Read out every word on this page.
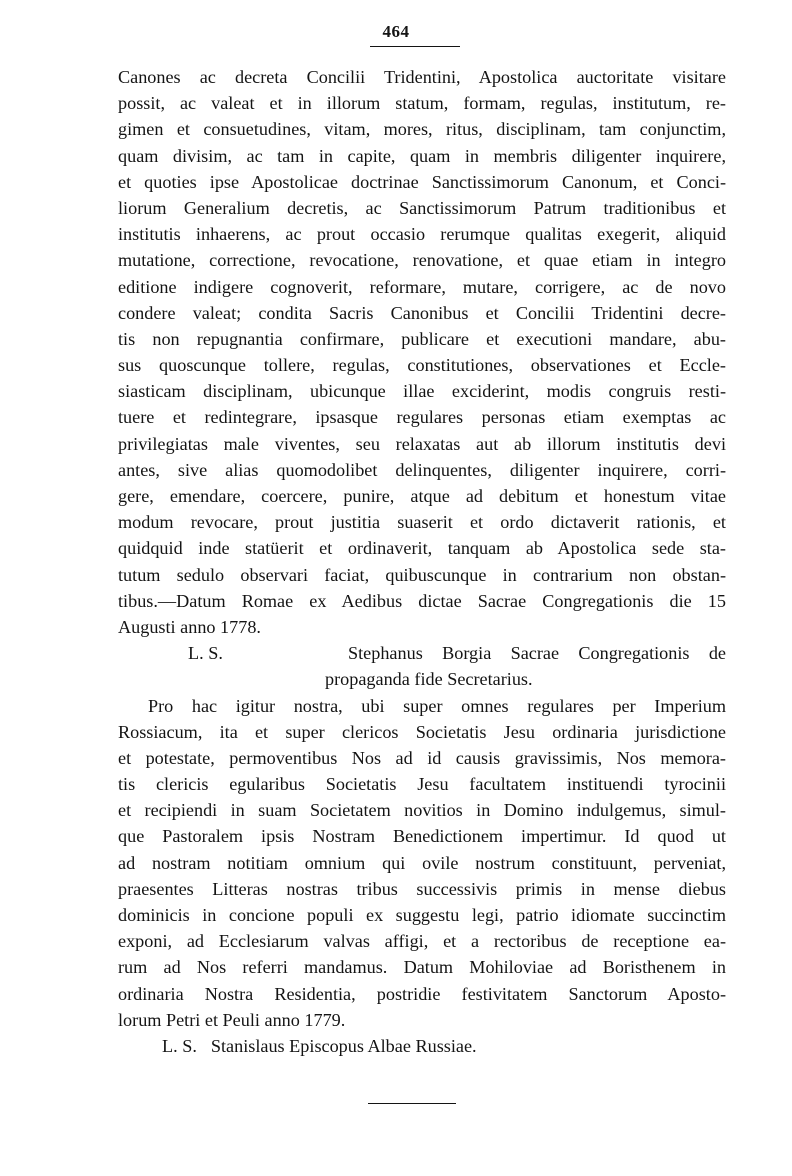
464
Canones ac decreta Concilii Tridentini, Apostolica auctoritate visitare
possit, ac valeat et in illorum statum, formam, regulas, institutum, re-
gimen et consuetudines, vitam, mores, ritus, disciplinam, tam conjunctim,
quam divisim, ac tam in capite, quam in membris diligenter inquirere,
et quoties ipse Apostolicae doctrinae Sanctissimorum Canonum, et Conci-
liorum Generalium decretis, ac Sanctissimorum Patrum traditionibus et
institutis inhaerens, ac prout occasio rerumque qualitas exegerit, aliquid
mutatione, correctione, revocatione, renovatione, et quae etiam in integro
editione indigere cognoverit, reformare, mutare, corrigere, ac de novo
condere valeat; condita Sacris Canonibus et Concilii Tridentini decre-
tis non repugnantia confirmare, publicare et executioni mandare, abu-
sus quoscunque tollere, regulas, constitutiones, observationes et Eccle-
siasticam disciplinam, ubicunque illae exciderint, modis congruis resti-
tuere et redintegrare, ipsasque regulares personas etiam exemptas ac
privilegiatas male viventes, seu relaxatas aut ab illorum institutis devi
antes, sive alias quomodolibet delinquentes, diligenter inquirere, corri-
gere, emendare, coercere, punire, atque ad debitum et honestum vitae
modum revocare, prout justitia suaserit et ordo dictaverit rationis, et
quidquid inde statüerit et ordinaverit, tanquam ab Apostolica sede sta-
tutum sedulo observari faciat, quibuscunque in contrarium non obstan-
tibus.—Datum Romae ex Aedibus dictae Sacrae Congregationis die 15
Augusti anno 1778.
L. S.	Stephanus Borgia Sacrae Congregationis de
propaganda fide Secretarius.
Pro hac igitur nostra, ubi super omnes regulares per Imperium
Rossiacum, ita et super clericos Societatis Jesu ordinaria jurisdictione
et potestate, permoventibus Nos ad id causis gravissimis, Nos memora-
tis clericis egularibus Societatis Jesu facultatem instituendi tyrocinii
et recipiendi in suam Societatem novitios in Domino indulgemus, simul-
que Pastoralem ipsis Nostram Benedictionem impertimur. Id quod ut
ad nostram notitiam omnium qui ovile nostrum constituunt, perveniat,
praesentes Litteras nostras tribus successivis primis in mense diebus
dominicis in concione populi ex suggestu legi, patrio idiomate succinctim
exponi, ad Ecclesiarum valvas affigi, et a rectoribus de receptione ea-
rum ad Nos referri mandamus. Datum Mohiloviae ad Boristhenem in
ordinaria Nostra Residentia, postridie festivitatem Sanctorum Aposto-
lorum Petri et Peuli anno 1779.
L. S. Stanislaus Episcopus Albae Russiae.
